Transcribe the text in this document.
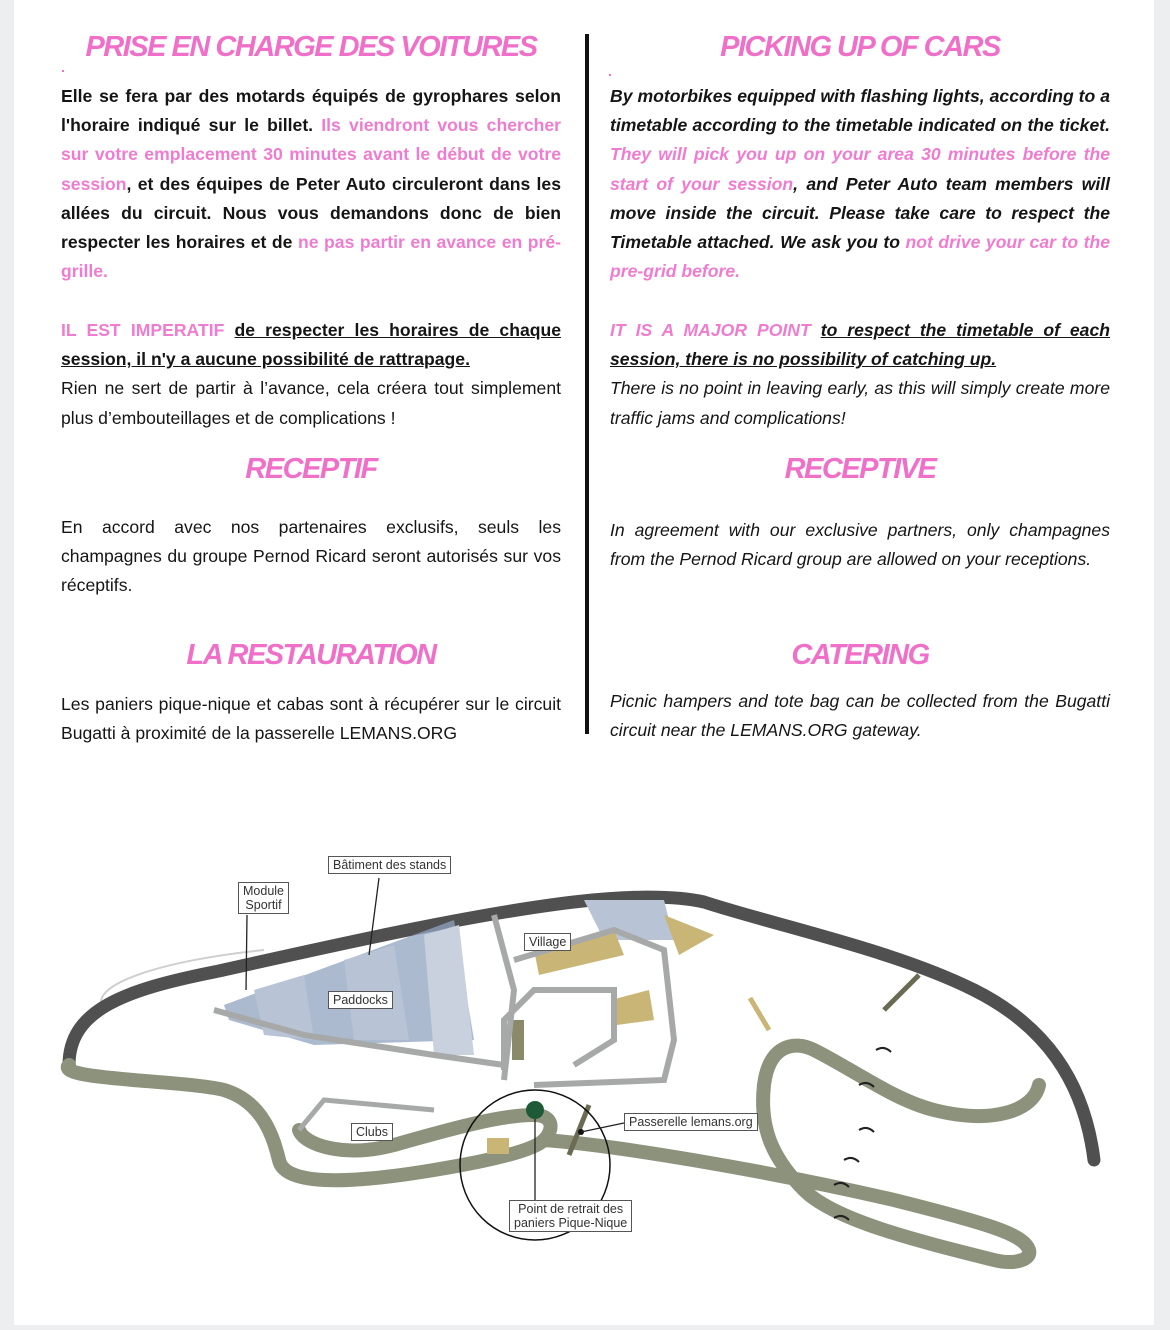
PRISE EN CHARGE DES VOITURES
Elle se fera par des motards équipés de gyrophares selon l'horaire indiqué sur le billet. Ils viendront vous chercher sur votre emplacement 30 minutes avant le début de votre session, et des équipes de Peter Auto circuleront dans les allées du circuit. Nous vous demandons donc de bien respecter les horaires et de ne pas partir en avance en pré-grille.
IL EST IMPERATIF de respecter les horaires de chaque session, il n'y a aucune possibilité de rattrapage.
Rien ne sert de partir à l’avance, cela créera tout simplement plus d’embouteillages et de complications !
RECEPTIF
En accord avec nos partenaires exclusifs, seuls les champagnes du groupe Pernod Ricard seront autorisés sur vos réceptifs.
LA RESTAURATION
Les paniers pique-nique et cabas sont à récupérer sur le circuit Bugatti à proximité de la passerelle LEMANS.ORG
PICKING UP OF CARS
By motorbikes equipped with flashing lights, according to a timetable according to the timetable indicated on the ticket. They will pick you up on your area 30 minutes before the start of your session, and Peter Auto team members will move inside the circuit. Please take care to respect the Timetable attached. We ask you to not drive your car to the pre-grid before.
IT IS A MAJOR POINT to respect the timetable of each session, there is no possibility of catching up.
There is no point in leaving early, as this will simply create more traffic jams and complications!
RECEPTIVE
In agreement with our exclusive partners, only champagnes from the Pernod Ricard group are allowed on your receptions.
CATERING
Picnic hampers and tote bag can be collected from the Bugatti circuit near the LEMANS.ORG gateway.
Bâtiment des stands
Module
Sportif
Village
Paddocks
Clubs
Passerelle lemans.org
Point de retrait des
paniers Pique-Nique
